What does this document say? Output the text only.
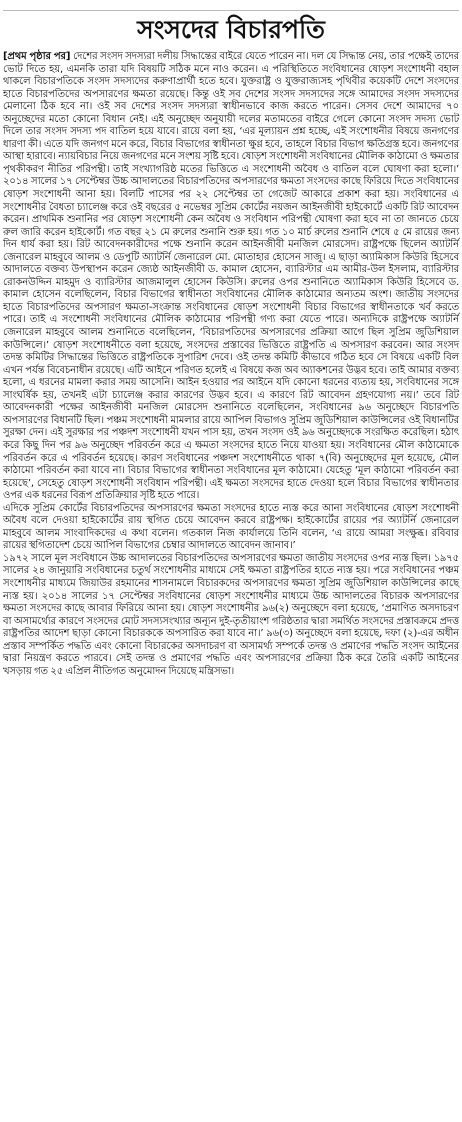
সংসদের বিচারপতি

[প্রথম পৃষ্ঠার পর] দেশের সংসদ সদস্যরা দলীয় সিদ্ধান্তের বাইরে যেতে পারেন না। দল যে সিদ্ধান্ত নেয়, তার পক্ষেই তাদের ভোট দিতে হয়, এমনকি তারা যদি বিষয়টি সঠিক মনে নাও করেন। এ পরিস্থিতিতে সংবিধানের ষোড়শ সংশোধনী বহাল থাকলে বিচারপতিকে সংসদ সদস্যদের করুণাপ্রার্থী হতে হবে। যুক্তরাষ্ট্র ও যুক্তরাজ্যসহ পৃথিবীর কয়েকটি দেশে সংসদের হাতে বিচারপতিদের অপসারণের ক্ষমতা রয়েছে। কিন্তু ওই সব দেশের সংসদ সদস্যদের সঙ্গে আমাদের সংসদ সদস্যদের মেলানো ঠিক হবে না। ওই সব দেশের সংসদ সদস্যরা স্বাধীনভাবে কাজ করতে পারেন। সেসব দেশে আমাদের ৭০ অনুচ্ছেদের মতো কোনো বিধান নেই। এই অনুচ্ছেদ অনুযায়ী দলের মতামতের বাইরে গেলে কোনো সংসদ সদস্য ভোট দিলে তার সংসদ সদস্য পদ বাতিল হয়ে যাবে। রায়ে বলা হয়, ‘এর মূল্যায়ন প্রশ্ন হচ্ছে, এই সংশোধনীর বিষয়ে জনগণের ধারণা কী। এতে যদি জনগণ মনে করে, বিচার বিভাগের স্বাধীনতা ক্ষুণ্ণ হবে, তাহলে বিচার বিভাগ ক্ষতিগ্রস্ত হবে। জনগণের আস্থা হারাবে। ন্যায়বিচার নিয়ে জনগণের মনে সংশয় সৃষ্টি হবে। ষোড়শ সংশোধনী সংবিধানের মৌলিক কাঠামো ও ক্ষমতার পৃথকীকরণ নীতির পরিপন্থী। তাই সংখ্যাগরিষ্ঠ মতের ভিত্তিতে এ সংশোধনী অবৈধ ও বাতিল বলে ঘোষণা করা হলো।’ ২০১৪ সালের ১৭ সেপ্টেম্বর উচ্চ আদালতের বিচারপতিদের অপসারণের ক্ষমতা সংসদের কাছে ফিরিয়ে দিতে সংবিধানের ষোড়শ সংশোধনী আনা হয়। বিলটি পাসের পর ২২ সেপ্টেম্বর তা গেজেট আকারে প্রকাশ করা হয়। সংবিধানের এ সংশোধনীর বৈধতা চ্যালেঞ্জ করে ওই বছরের ৫ নভেম্বর সুপ্রিম কোর্টের নয়জন আইনজীবী হাইকোর্টে একটি রিট আবেদন করেন। প্রাথমিক শুনানির পর ষোড়শ সংশোধনী কেন অবৈধ ও সংবিধান পরিপন্থী ঘোষণা করা হবে না তা জানতে চেয়ে রুল জারি করেন হাইকোর্ট। গত বছর ২১ মে রুলের শুনানি শুরু হয়। গত ১০ মার্চ রুলের শুনানি শেষে ৫ মে রায়ের জন্য দিন ধার্য করা হয়। রিট আবেদনকারীদের পক্ষে শুনানি করেন আইনজীবী মনজিল মোরসেদ। রাষ্ট্রপক্ষে ছিলেন অ্যাটর্নি জেনারেল মাহবুবে আলম ও ডেপুটি অ্যাটর্নি জেনারেল মো. মোতাহার হোসেন সাজু। এ ছাড়া অ্যামিকাস কিউরি হিসেবে আদালতে বক্তব্য উপস্থাপন করেন জ্যেষ্ঠ আইনজীবী ড. কামাল হোসেন, ব্যারিস্টার এম আমীর-উল ইসলাম, ব্যারিস্টার রোকনউদ্দিন মাহমুদ ও ব্যারিস্টার আজমালুল হোসেন কিউসি। রুলের ওপর শুনানিতে অ্যামিকাস কিউরি হিসেবে ড. কামাল হোসেন বলেছিলেন, বিচার বিভাগের স্বাধীনতা সংবিধানের মৌলিক কাঠামোর অন্যতম অংশ। জাতীয় সংসদের হাতে বিচারপতিদের অপসারণ ক্ষমতা-সংক্রান্ত সংবিধানের ষোড়শ সংশোধনী বিচার বিভাগের স্বাধীনতাকে খর্ব করতে পারে। তাই এ সংশোধনী সংবিধানের মৌলিক কাঠামোর পরিপন্থী গণ্য করা যেতে পারে। অন্যদিকে রাষ্ট্রপক্ষে অ্যাটর্নি জেনারেল মাহবুবে আলম শুনানিতে বলেছিলেন, ‘বিচারপতিদের অপসারণের প্রক্রিয়া আগে ছিল সুপ্রিম জুডিশিয়াল কাউন্সিলে।’ ষোড়শ সংশোধনীতে বলা হয়েছে, সংসদের প্রস্তাবের ভিত্তিতে রাষ্ট্রপতি এ অপসারণ করবেন। আর সংসদ তদন্ত কমিটির সিদ্ধান্তের ভিত্তিতে রাষ্ট্রপতিকে সুপারিশ দেবে। ওই তদন্ত কমিটি কীভাবে গঠিত হবে সে বিষয়ে একটি বিল এখন পর্যন্ত বিবেচনাধীন রয়েছে। এটি আইনে পরিণত হলেই এ বিষয়ে কজ অব অ্যাকশনের উদ্ভব হবে। তাই আমার বক্তব্য হলো, এ ধরনের মামলা করার সময় আসেনি। আইন হওয়ার পর আইনে যদি কোনো ধরনের ব্যত্যয় হয়, সংবিধানের সঙ্গে সাংঘর্ষিক হয়, তখনই এটা চ্যালেঞ্জ করার কারণের উদ্ভব হবে। এ কারণে রিট আবেদন গ্রহণযোগ্য নয়।’ তবে রিট আবেদনকারী পক্ষের আইনজীবী মনজিল মোরসেদ শুনানিতে বলেছিলেন, সংবিধানের ৯৬ অনুচ্ছেদে বিচারপতি অপসারণের বিধানটি ছিল। পঞ্চম সংশোধনী মামলার রায়ে আপিল বিভাগও সুপ্রিম জুডিশিয়াল কাউন্সিলের ওই বিধানটির সুরক্ষা দেন। এই সুরক্ষার পর পঞ্চদশ সংশোধনী যখন পাস হয়, তখন সংসদ ওই ৯৬ অনুচ্ছেদকে সংরক্ষিত করেছিল। হঠাৎ করে কিছু দিন পর ৯৬ অনুচ্ছেদ পরিবর্তন করে এ ক্ষমতা সংসদের হাতে নিয়ে যাওয়া হয়। সংবিধানের মৌল কাঠামোকে পরিবর্তন করে এ পরিবর্তন হয়েছে। কারণ সংবিধানের পঞ্চদশ সংশোধনীতে থাকা ৭(বি) অনুচ্ছেদের মূল হয়েছে, মৌল কাঠামো পরিবর্তন করা যাবে না। বিচার বিভাগের স্বাধীনতা সংবিধানের মূল কাঠামো। যেহেতু ‘মূল কাঠামো পরিবর্তন করা হয়েছে’, সেহেতু ষোড়শ সংশোধনী সংবিধান পরিপন্থী। এই ক্ষমতা সংসদের হাতে দেওয়া হলে বিচার বিভাগের স্বাধীনতার ওপর এক ধরনের বিরূপ প্রতিক্রিয়ার সৃষ্টি হতে পারে।

এদিকে সুপ্রিম কোর্টের বিচারপতিদের অপসারণের ক্ষমতা সংসদের হাতে ন্যস্ত করে আনা সংবিধানের ষোড়শ সংশোধনী অবৈধ বলে দেওয়া হাইকোর্টের রায় স্থগিত চেয়ে আবেদন করবে রাষ্ট্রপক্ষ। হাইকোর্টের রায়ের পর অ্যাটর্নি জেনারেল মাহবুবে আলম সাংবাদিকদের এ কথা বলেন। গতকাল নিজ কার্যালয়ে তিনি বলেন, ‘এ রায়ে আমরা সংক্ষুব্ধ। রবিবার রায়ের স্থগিতাদেশ চেয়ে আপিল বিভাগের চেম্বার আদালতে আবেদন জানাব।’

১৯৭২ সালে মূল সংবিধানে উচ্চ আদালতের বিচারপতিদের অপসারণের ক্ষমতা জাতীয় সংসদের ওপর ন্যস্ত ছিল। ১৯৭৫ সালের ২৪ জানুয়ারি সংবিধানের চতুর্থ সংশোধনীর মাধ্যমে সেই ক্ষমতা রাষ্ট্রপতির হাতে ন্যস্ত হয়। পরে সংবিধানের পঞ্চম সংশোধনীর মাধ্যমে জিয়াউর রহমানের শাসনামলে বিচারকদের অপসারণের ক্ষমতা সুপ্রিম জুডিশিয়াল কাউন্সিলের কাছে ন্যস্ত হয়। ২০১৪ সালের ১৭ সেপ্টেম্বর সংবিধানের ষোড়শ সংশোধনীর মাধ্যমে উচ্চ আদালতের বিচারক অপসারণের ক্ষমতা সংসদের কাছে আবার ফিরিয়ে আনা হয়। ষোড়শ সংশোধনীর ৯৬(২) অনুচ্ছেদে বলা হয়েছে, ‘প্রমাণিত অসদাচরণ বা অসামর্থ্যের কারণে সংসদের মোট সদস্যসংখ্যার অন্যূন দুই-তৃতীয়াংশ গরিষ্ঠতার দ্বারা সমর্থিত সংসদের প্রস্তাবক্রমে প্রদত্ত রাষ্ট্রপতির আদেশ ছাড়া কোনো বিচারককে অপসারিত করা যাবে না।’ ৯৬(৩) অনুচ্ছেদে বলা হয়েছে, দফা (২)-এর অধীন প্রস্তাব সম্পর্কিত পদ্ধতি এবং কোনো বিচারকের অসদাচরণ বা অসামর্থ্য সম্পর্কে তদন্ত ও প্রমাণের পদ্ধতি সংসদ আইনের দ্বারা নিয়ন্ত্রণ করতে পারবে। সেই তদন্ত ও প্রমাণের পদ্ধতি এবং অপসারণের প্রক্রিয়া ঠিক করে তৈরি একটি আইনের খসড়ায় গত ২৫ এপ্রিল নীতিগত অনুমোদন দিয়েছে মন্ত্রিসভা।
